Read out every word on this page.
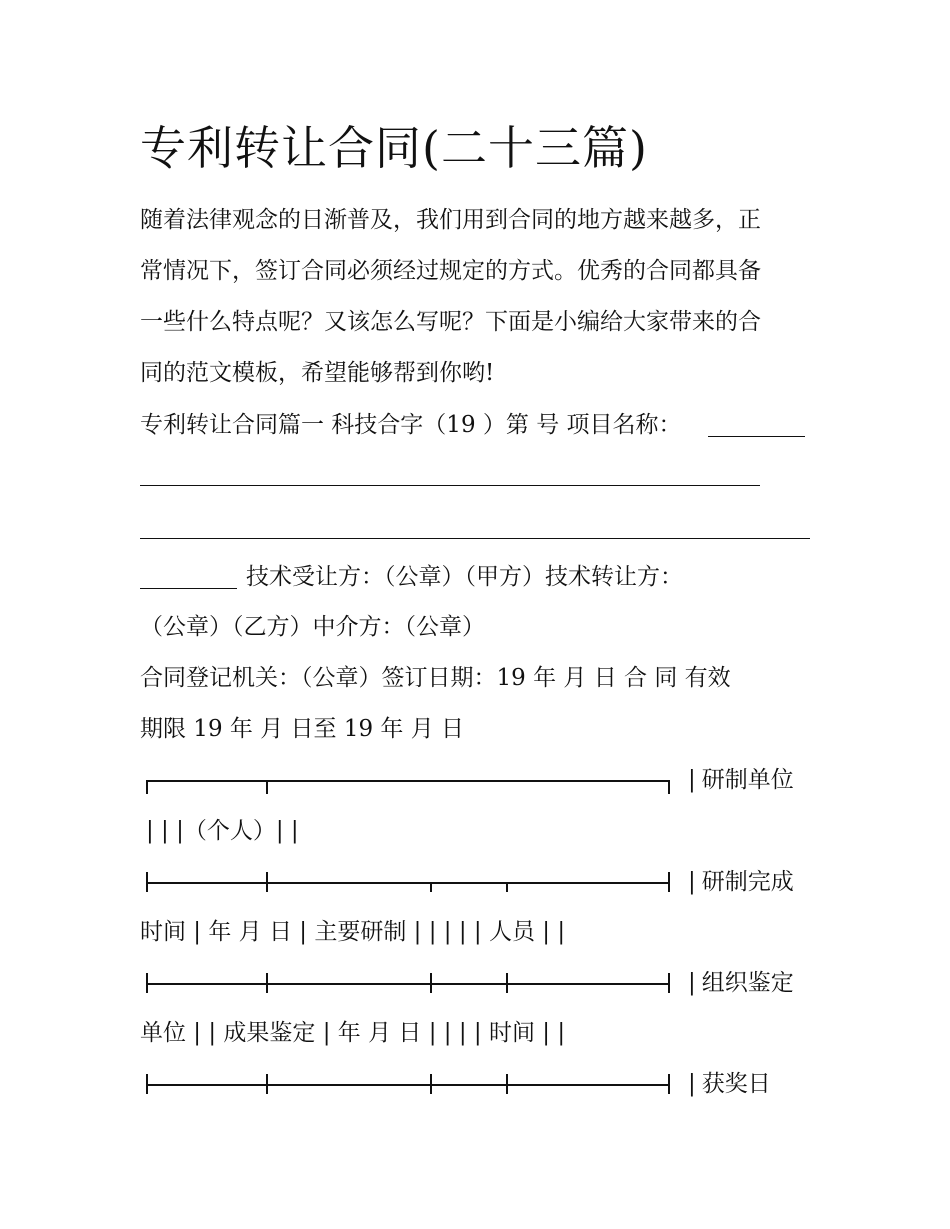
专利转让合同(二十三篇)
随着法律观念的日渐普及，我们用到合同的地方越来越多，正
常情况下，签订合同必须经过规定的方式。优秀的合同都具备
一些什么特点呢？又该怎么写呢？下面是小编给大家带来的合
同的范文模板，希望能够帮到你哟!
专利转让合同篇一 科技合字（19 ）第 号 项目名称：
技术受让方：（公章）（甲方）技术转让方：
（公章）（乙方）中介方：（公章）
合同登记机关：（公章）签订日期：19 年 月 日 合 同 有效
期限 19 年 月 日至 19 年 月 日
| 研制单位
| | |（个人）| |
| 研制完成
时间 | 年 月 日 | 主要研制 | | | | | 人员 | |
| 组织鉴定
单位 | | 成果鉴定 | 年 月 日 | | | | 时间 | |
| 获奖日
